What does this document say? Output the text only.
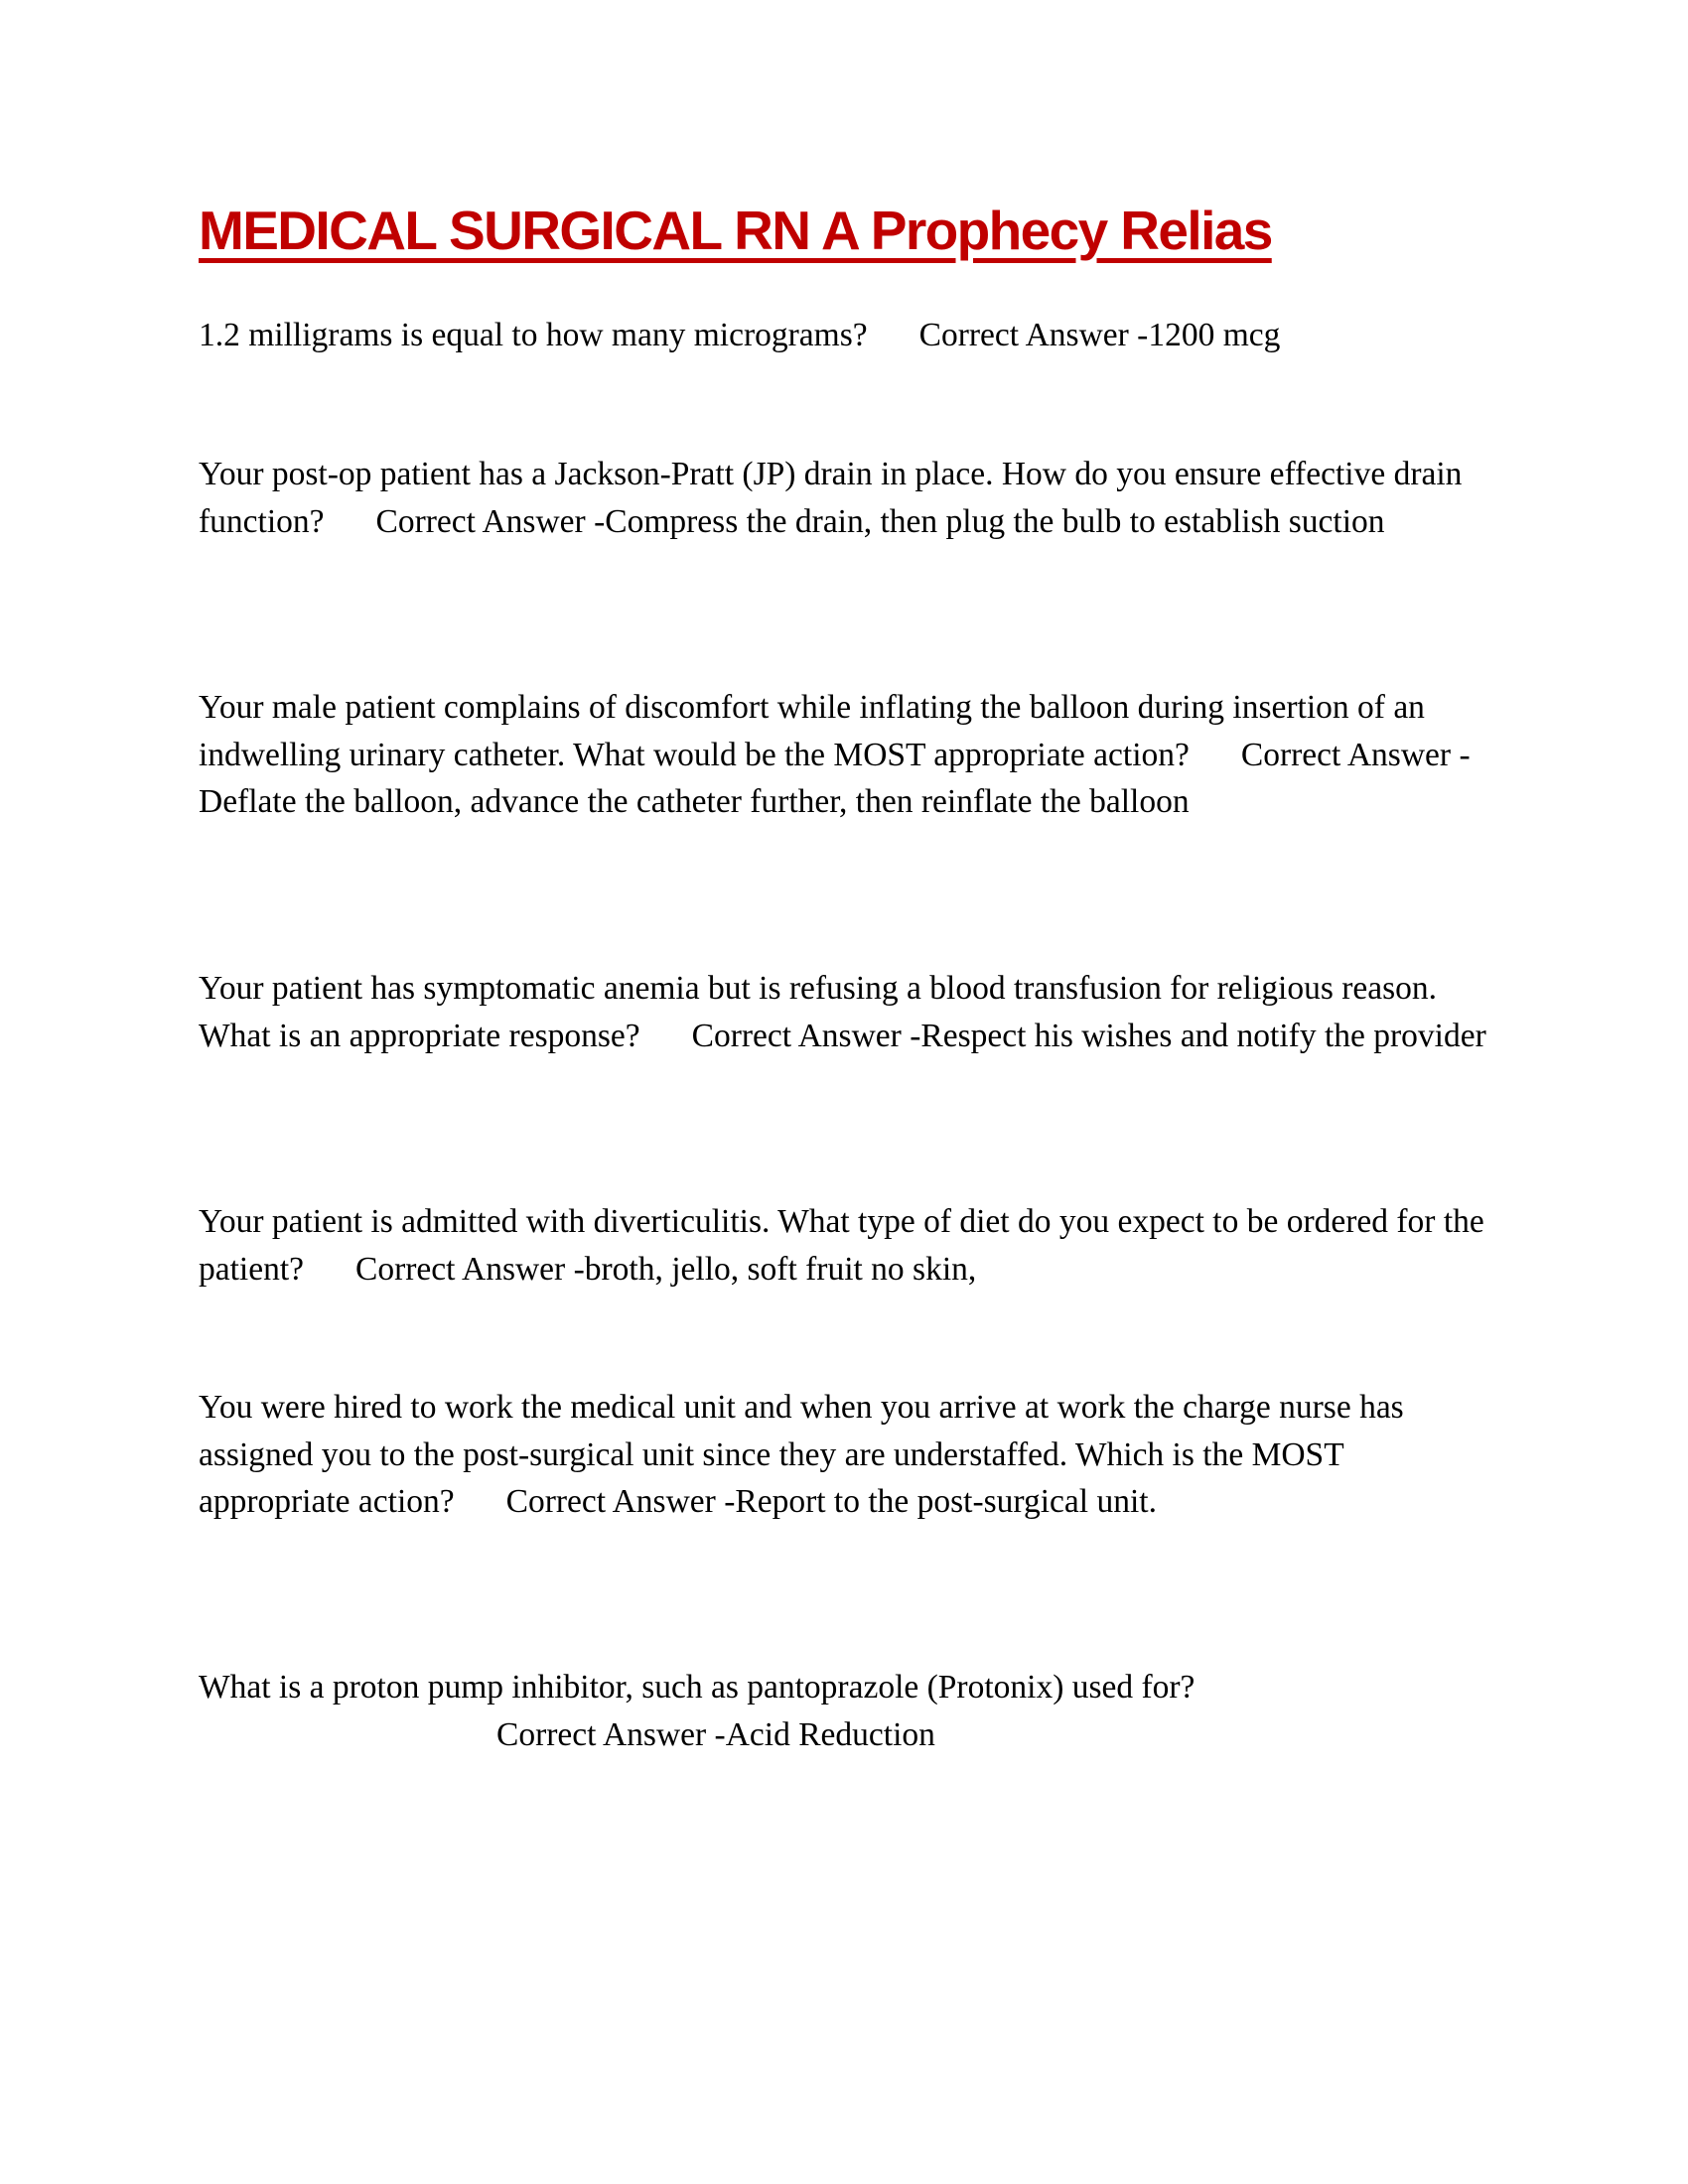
MEDICAL SURGICAL RN A Prophecy Relias
1.2 milligrams is equal to how many micrograms? Correct Answer -1200 mcg
Your post-op patient has a Jackson-Pratt (JP) drain in place. How do you ensure effective drain function? Correct Answer -Compress the drain, then plug the bulb to establish suction
Your male patient complains of discomfort while inflating the balloon during insertion of an indwelling urinary catheter. What would be the MOST appropriate action? Correct Answer -Deflate the balloon, advance the catheter further, then reinflate the balloon
Your patient has symptomatic anemia but is refusing a blood transfusion for religious reason. What is an appropriate response? Correct Answer -Respect his wishes and notify the provider
Your patient is admitted with diverticulitis. What type of diet do you expect to be ordered for the patient? Correct Answer -broth, jello, soft fruit no skin,
You were hired to work the medical unit and when you arrive at work the charge nurse has assigned you to the post-surgical unit since they are understaffed. Which is the MOST appropriate action? Correct Answer -Report to the post-surgical unit.
What is a proton pump inhibitor, such as pantoprazole (Protonix) used for?Correct Answer -Acid Reduction
